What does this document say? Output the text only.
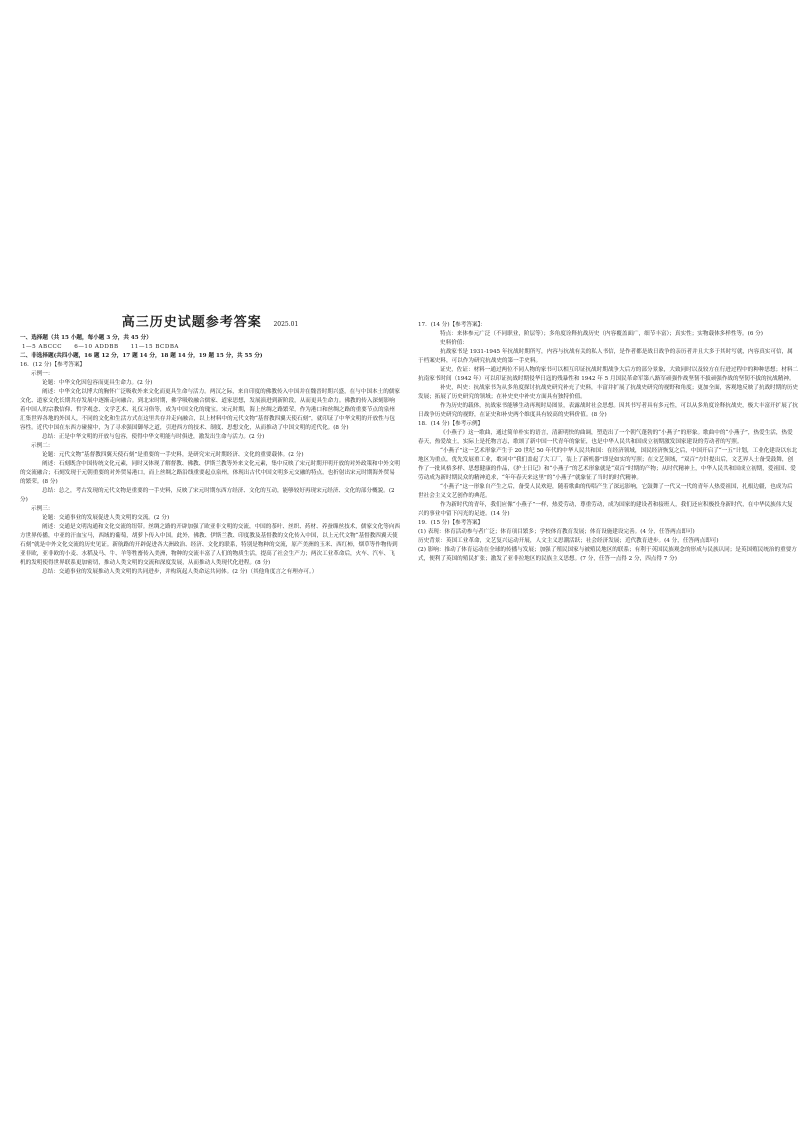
高三历史试题参考答案 2025.01

一、选择题（共 15 小题，每小题 3 分，共 45 分）

1—5 ABCCC　　6—10 ADDBB　　11—15 BCDBA

二、非选择题(共四小题，16 题 12 分，17 题 14 分，18 题 14 分，19 题 15 分，共 55 分)

16．(12 分)【参考答案】

示例一：

论题：中华文化因包容而更具生命力。(2 分)

阐述：中华文化以博大的胸怀广泛吸收外来文化而更具生命与活力。两汉之际，来自印度的佛教传入中国并在魏晋时期兴盛，在与中国本土的儒家文化、道家文化长期共存发展中逐渐走向融合。到北宋时期，佛学吸收融合儒家、道家思想，发展演进到新阶段，从而更具生命力。佛教的传入深刻影响着中国人的宗教信仰、哲学观念、文学艺术、礼仪习俗等，成为中国文化的瑰宝。宋元时期，海上丝绸之路繁荣，作为港口和丝绸之路的重要节点的泉州汇集世界各地的外国人，不同的文化和生活方式在这里共存并走向融合，以上材料中的元代文物“基督教四翼天使石刻”，就印证了中华文明的开放性与包容性。近代中国在东西方碰撞中，为了寻求强国御辱之道，引进西方的技术、制度、思想文化，从而推动了中国文明的近代化。(8 分)

总结：正是中华文明的开放与包容，使得中华文明能与时俱进，激发出生命与活力。(2 分)

示例二：

论题：元代文物“基督教四翼天使石刻”是重要的一手史料，是研究宋元时期经济、文化的重要载体。(2 分)

阐述：石刻既含中国传统文化元素，同时又体现了解督教、佛教、伊斯兰教等外来文化元素，集中反映了宋元时期开明开放的对外政策和中外文明的交流融合；石刻发现于元朝重要的对外贸易港口，而上丝绸之路沿线重要起点泉州，体现出古代中国文明多元交融的特点，也折射出宋元时期海外贸易的繁荣。(8 分)

总结：总之，考古发现的元代文物是重要的一手史料，反映了宋元时期东西方经济、文化的互动，能够较好再现宋元经济、文化的部分概貌。(2 分)

示例三：

论题：交通事业的发展促进人类文明的交流。(2 分)

阐述：交通是文明沟通和文化交流的纽带。丝绸之路的开辟加强了欧亚非文明的交流，中国的茶叶、丝织、药材、养蚕缫丝技术，儒家文化等向西方世界传播，中亚的汗血宝马，西域的葡萄，胡萝卜传入中国。此外，佛教、伊斯兰教、印度教及基督教的文化传入中国，以上元代文物“基督教四翼天使石刻”就是中外文化交流的历史见证。新航路的开辟促进各大洲政治、经济、文化的联系，特别是物种的交流，原产美洲的玉米、西红柿，烟草等作物传到亚非欧，亚非欧的小麦、水稻及马、牛、羊等牲畜传入美洲，物种的交流丰富了人们的物质生活，提高了社会生产力；两次工业革命后，火车、汽车、飞机的发明使得世界联系更加密切，推动人类文明的交流和深度发展，从而推动人类现代化进程。(8 分)

总结：交通事业的发展推动人类文明的共同进步，并构筑起人类命运共同体。(2 分)（其他角度言之有理亦可。）

17．(14 分)【参考答案】：

特点：来体参元广泛（不同职业，阶层等）；多角度诠释抗战历史（内容覆盖面广，细节丰富）；真实性；实物载体多样性等。(6 分)

史料价值：

抗战家书是 1931-1945 年抗战时期所写，内容与抗战有关的私人书信，是作者都是战日战争的亲历者并且大多于其时写就，内容真实可信，属于档案史料，可以作为研究抗战史的第一手史料。

证史，佐证：材料一通过两位不同人物的家书可以相互印证抗战时期战争大后方的部分景象，大致同时以及较方在行进过程中的种种思想；材料二抗南家书时间（1942 年）可以印证抗战时期侵华日寇的残暴性和 1942 年 5 月国民革命军第八路军顽强作战坚韧不拔顽强作战的坚韧不拔的抗战精神。

补史，纠史：抗战家书为从多角度探讨抗战史研究补充了史料，丰富并扩展了抗战史研究的视野和角度；更加全面，客观地反映了抗战时期的历史发展；拓展了历史研究的领域；在补史史中补史方面具有独特价值。

作为历史的载体，抗战家书能够生动再现时局图景，表露战时社会思想。因其书写者具有多元性，可以从多角度诠释抗战史，极大丰富开扩展了抗日战争历史研究的视野，在证史和补史两个维度具有较高的史料价值。(8 分)

18．(14 分)【参考示例】

《小燕子》这一歌曲，通过简单朴实的语言，清新明快的曲调，塑造出了一个朝气蓬勃的“小燕子”的形象。歌曲中的“小燕子”，热爱生活，热爱春天，热爱故土，实际上是托物言志，歌颂了新中国一代青年的象征，也是中华人民共和国成立初期激发国家建设的劳动者的写照。

“小燕子”这一艺术形象产生于 20 世纪 50 年代的中华人民共和国：在经济领域，国民经济恢复之后，中国开启了“一五”计划，工业化建设以东北地区为重点，优先发展重工业，歌词中“我们盖起了大工厂，装上了新机器”即是如实的写照；在文艺领域，“双百”方针提出后，文艺界人士备受鼓舞，创作了一批风格多样、思想健康的作品，《护士日记》和“小燕子”的艺术形象就是“双百”时期的产物；从时代精神上，中华人民共和国成立初期，爱祖国、爱劳动成为新时期民众的精神追求，“年年春天来这里”的“小燕子”就象征了当时的时代精神。

“小燕子”这一形象自产生之后，备受人民欢迎，随着歌曲的传唱产生了深远影响，它鼓舞了一代又一代的青年人热爱祖国，扎根边疆，也成为后世社会主义文艺创作的典范。

作为新时代的青年，我们应像“小燕子”一样，热爱劳动，尊重劳动，成为国家的建设者和接班人，我们还应积极投身新时代，在中华民族伟大复兴的事业中留下闪光的足迹。(14 分)

19．(15 分)【参考答案】

(1) 表现：体育活动参与者广泛；体育项目繁多；学校体育教育发展；体育设施建设完善。(4 分，任答两点即可)

历史背景：英国工业革命，文艺复兴运动开展，人文主义思潮活跃；社会经济发展；近代教育进步。(4 分，任答两点即可)

(2) 影响：推动了体育运动在全球的传播与发展；加强了殖民国家与被殖民地区的联系；有利于英国民族观念的形成与民族认同；是英国殖民统治的重要方式，便利了英国的殖民扩张；激发了亚非拉地区的民族主义思想。(7 分，任答一点得 2 分，四点得 7 分)
